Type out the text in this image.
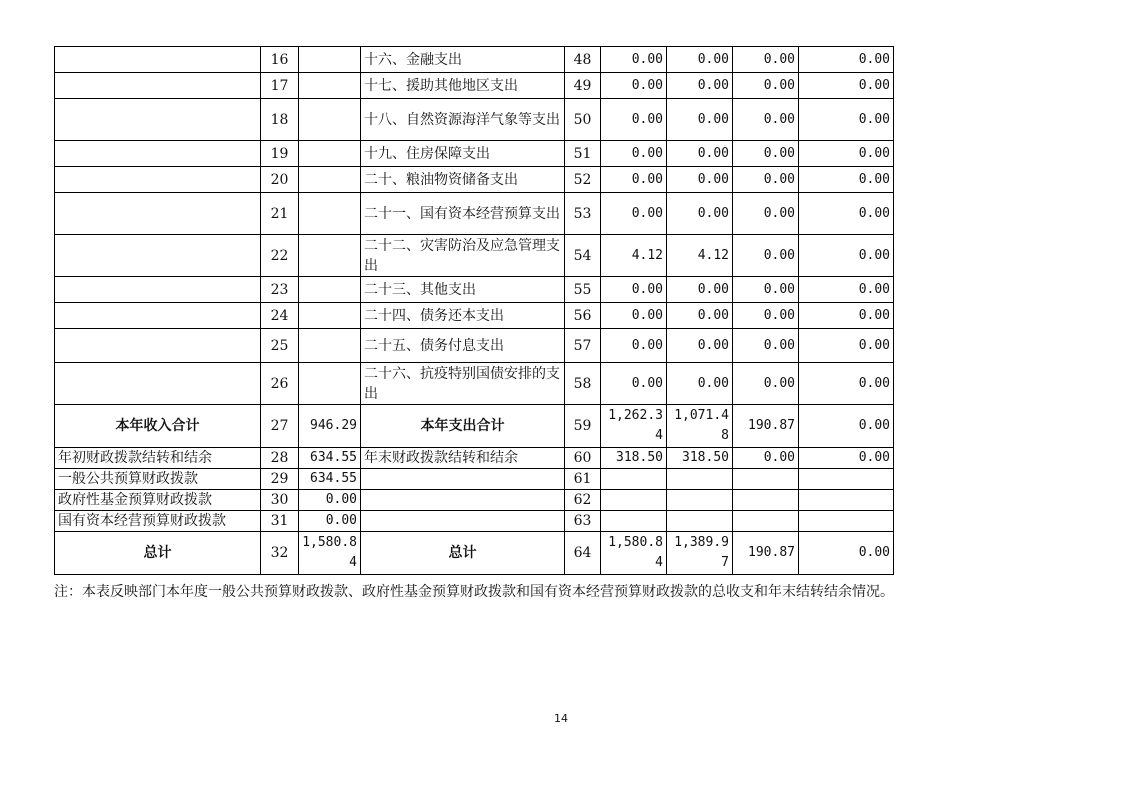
	16		十六、金融支出	48	0.00	0.00	0.00	0.00
	17		十七、援助其他地区支出	49	0.00	0.00	0.00	0.00
	18		十八、自然资源海洋气象等支出	50	0.00	0.00	0.00	0.00
	19		十九、住房保障支出	51	0.00	0.00	0.00	0.00
	20		二十、粮油物资储备支出	52	0.00	0.00	0.00	0.00
	21		二十一、国有资本经营预算支出	53	0.00	0.00	0.00	0.00
	22		二十二、灾害防治及应急管理支出	54	4.12	4.12	0.00	0.00
	23		二十三、其他支出	55	0.00	0.00	0.00	0.00
	24		二十四、债务还本支出	56	0.00	0.00	0.00	0.00
	25		二十五、债务付息支出	57	0.00	0.00	0.00	0.00
	26		二十六、抗疫特别国债安排的支出	58	0.00	0.00	0.00	0.00
本年收入合计	27	946.29	本年支出合计	59	1,262.34	1,071.48	190.87	0.00
年初财政拨款结转和结余	28	634.55	年末财政拨款结转和结余	60	318.50	318.50	0.00	0.00
一般公共预算财政拨款	29	634.55		61				
政府性基金预算财政拨款	30	0.00		62				
国有资本经营预算财政拨款	31	0.00		63				
总计	32	1,580.84	总计	64	1,580.84	1,389.97	190.87	0.00
注：本表反映部门本年度一般公共预算财政拨款、政府性基金预算财政拨款和国有资本经营预算财政拨款的总收支和年末结转结余情况。
14
